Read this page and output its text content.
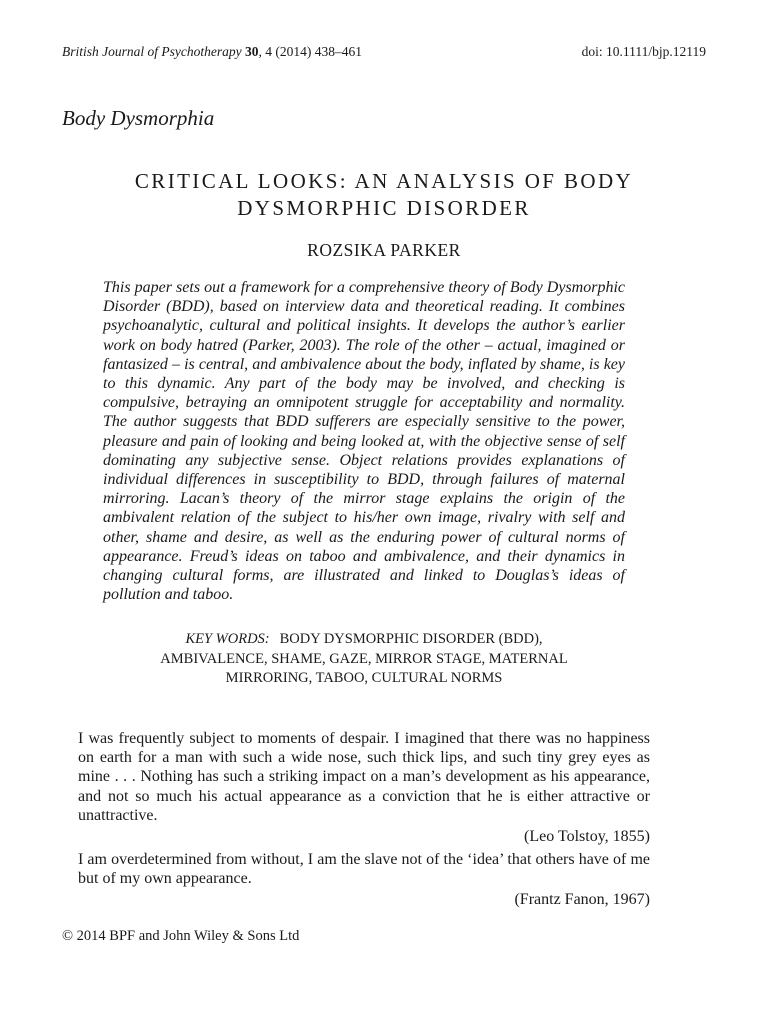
British Journal of Psychotherapy 30, 4 (2014) 438–461	doi: 10.1111/bjp.12119
Body Dysmorphia
CRITICAL LOOKS: AN ANALYSIS OF BODY
DYSMORPHIC DISORDER
ROZSIKA PARKER

This paper sets out a framework for a comprehensive theory of Body Dysmorphic Disorder (BDD), based on interview data and theoretical reading. It combines psychoanalytic, cultural and political insights. It develops the author’s earlier work on body hatred (Parker, 2003). The role of the other – actual, imagined or fantasized – is central, and ambivalence about the body, inflated by shame, is key to this dynamic. Any part of the body may be involved, and checking is compulsive, betraying an omnipotent struggle for acceptability and normality. The author suggests that BDD sufferers are especially sensitive to the power, pleasure and pain of looking and being looked at, with the objective sense of self dominating any subjective sense. Object relations provides explanations of individual differences in susceptibility to BDD, through failures of maternal mirroring. Lacan’s theory of the mirror stage explains the origin of the ambivalent relation of the subject to his/her own image, rivalry with self and other, shame and desire, as well as the enduring power of cultural norms of appearance. Freud’s ideas on taboo and ambivalence, and their dynamics in changing cultural forms, are illustrated and linked to Douglas’s ideas of pollution and taboo.

KEY WORDS: BODY DYSMORPHIC DISORDER (BDD),
AMBIVALENCE, SHAME, GAZE, MIRROR STAGE, MATERNAL
MIRRORING, TABOO, CULTURAL NORMS

I was frequently subject to moments of despair. I imagined that there was no happiness on earth for a man with such a wide nose, such thick lips, and such tiny grey eyes as mine . . . Nothing has such a striking impact on a man’s development as his appearance, and not so much his actual appearance as a conviction that he is either attractive or unattractive.

(Leo Tolstoy, 1855)

I am overdetermined from without, I am the slave not of the ‘idea’ that others have of me but of my own appearance.

(Frantz Fanon, 1967)

© 2014 BPF and John Wiley & Sons Ltd
